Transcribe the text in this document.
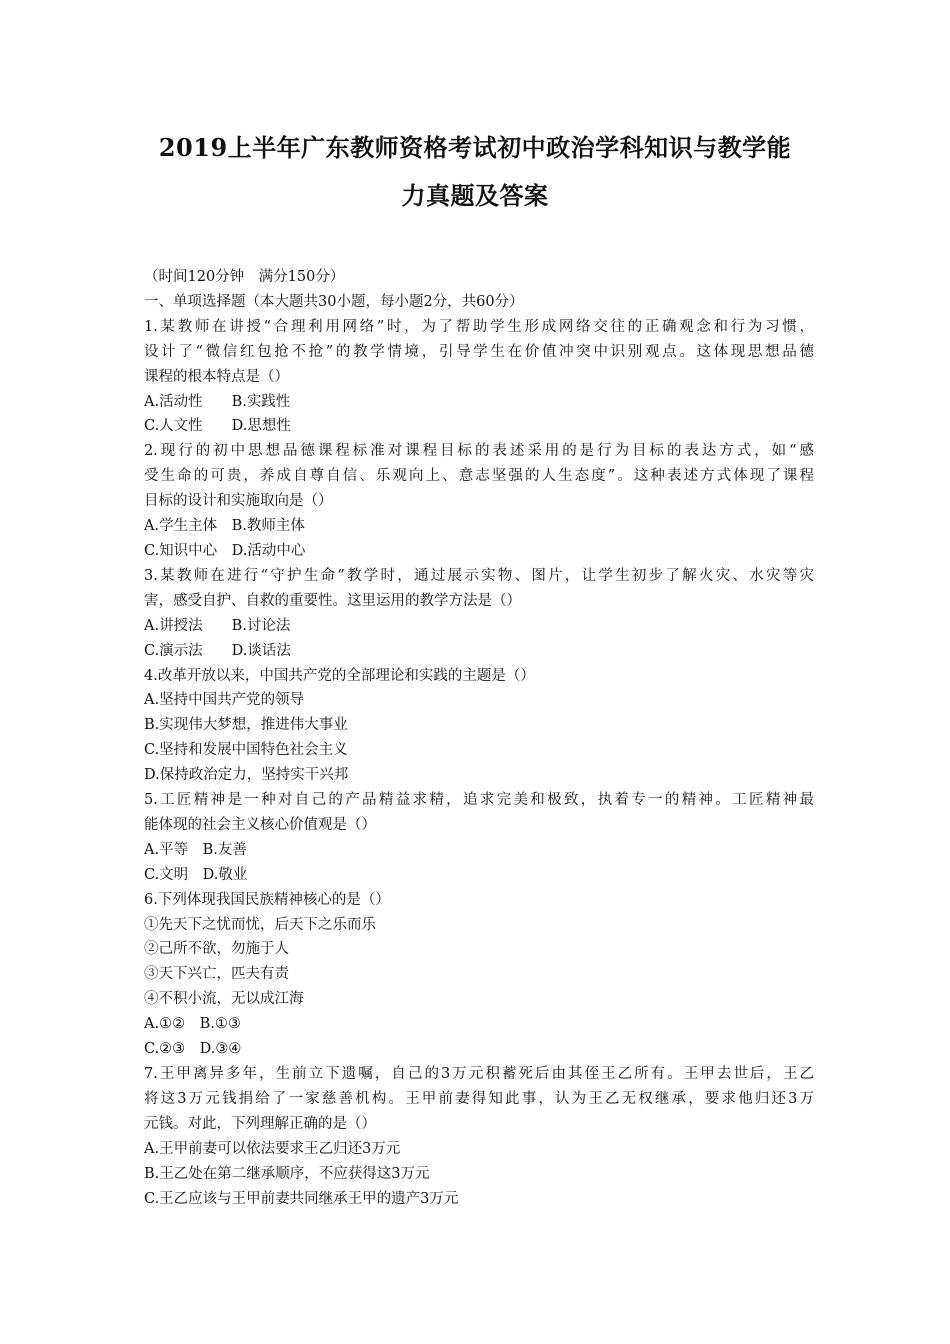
2019上半年广东教师资格考试初中政治学科知识与教学能
力真题及答案
（时间120分钟　满分150分）
一、单项选择题（本大题共30小题，每小题2分，共60分）
1.某教师在讲授“合理利用网络”时，为了帮助学生形成网络交往的正确观念和行为习惯，
设计了“微信红包抢不抢”的教学情境，引导学生在价值冲突中识别观点。这体现思想品德
课程的根本特点是（）
A.活动性　　B.实践性
C.人文性　　D.思想性
2.现行的初中思想品德课程标准对课程目标的表述采用的是行为目标的表达方式，如“感
受生命的可贵，养成自尊自信、乐观向上、意志坚强的人生态度”。这种表述方式体现了课程
目标的设计和实施取向是（）
A.学生主体　B.教师主体
C.知识中心　D.活动中心
3.某教师在进行“守护生命”教学时，通过展示实物、图片，让学生初步了解火灾、水灾等灾
害，感受自护、自救的重要性。这里运用的教学方法是（）
A.讲授法　　B.讨论法
C.演示法　　D.谈话法
4.改革开放以来，中国共产党的全部理论和实践的主题是（）
A.坚持中国共产党的领导
B.实现伟大梦想，推进伟大事业
C.坚持和发展中国特色社会主义
D.保持政治定力，坚持实干兴邦
5.工匠精神是一种对自己的产品精益求精，追求完美和极致，执着专一的精神。工匠精神最
能体现的社会主义核心价值观是（）
A.平等　B.友善
C.文明　D.敬业
6.下列体现我国民族精神核心的是（）
①先天下之忧而忧，后天下之乐而乐
②己所不欲，勿施于人
③天下兴亡，匹夫有责
④不积小流，无以成江海
A.①②　B.①③
C.②③　D.③④
7.王甲离异多年，生前立下遗嘱，自己的3万元积蓄死后由其侄王乙所有。王甲去世后，王乙
将这3万元钱捐给了一家慈善机构。王甲前妻得知此事，认为王乙无权继承，要求他归还3万
元钱。对此，下列理解正确的是（）
A.王甲前妻可以依法要求王乙归还3万元
B.王乙处在第二继承顺序，不应获得这3万元
C.王乙应该与王甲前妻共同继承王甲的遗产3万元
